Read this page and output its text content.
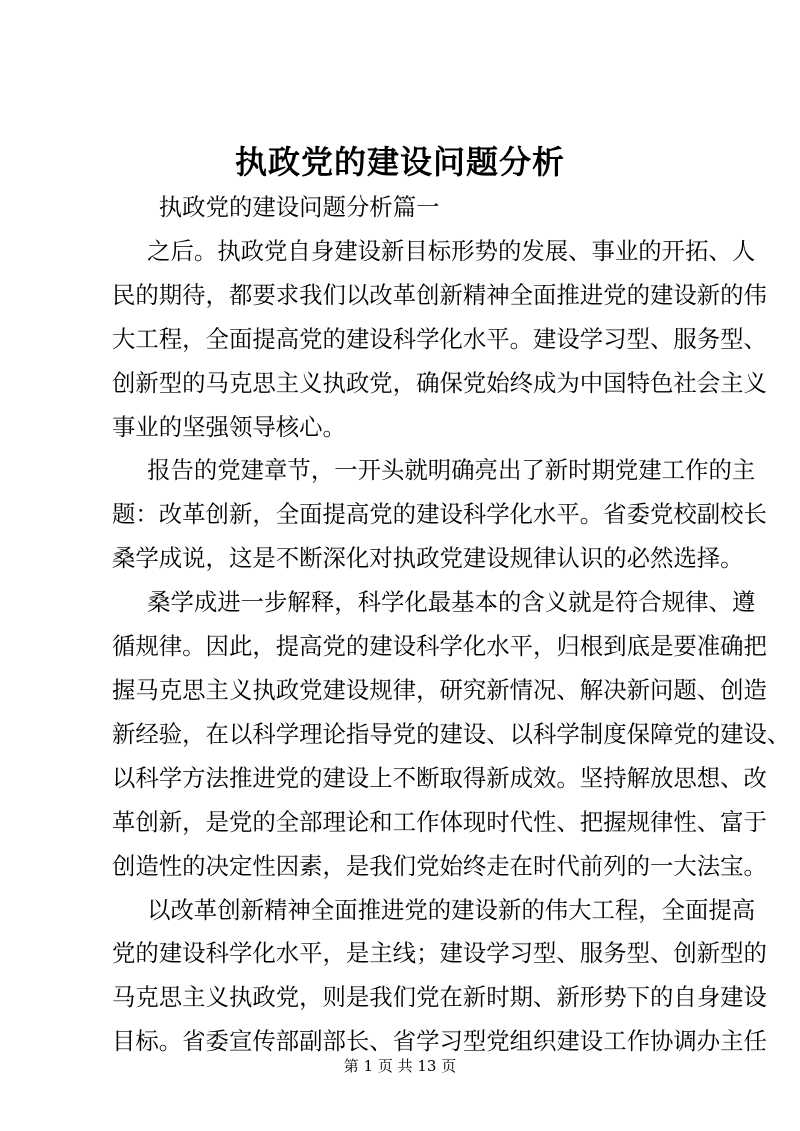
执政党的建设问题分析

执政党的建设问题分析篇一

之后。执政党自身建设新目标形势的发展、事业的开拓、人
民的期待，都要求我们以改革创新精神全面推进党的建设新的伟
大工程，全面提高党的建设科学化水平。建设学习型、服务型、
创新型的马克思主义执政党，确保党始终成为中国特色社会主义
事业的坚强领导核心。

报告的党建章节，一开头就明确亮出了新时期党建工作的主
题：改革创新，全面提高党的建设科学化水平。省委党校副校长
桑学成说，这是不断深化对执政党建设规律认识的必然选择。

桑学成进一步解释，科学化最基本的含义就是符合规律、遵
循规律。因此，提高党的建设科学化水平，归根到底是要准确把
握马克思主义执政党建设规律，研究新情况、解决新问题、创造
新经验，在以科学理论指导党的建设、以科学制度保障党的建设、
以科学方法推进党的建设上不断取得新成效。坚持解放思想、改
革创新，是党的全部理论和工作体现时代性、把握规律性、富于
创造性的决定性因素，是我们党始终走在时代前列的一大法宝。

以改革创新精神全面推进党的建设新的伟大工程，全面提高
党的建设科学化水平，是主线；建设学习型、服务型、创新型的
马克思主义执政党，则是我们党在新时期、新形势下的自身建设
目标。省委宣传部副部长、省学习型党组织建设工作协调办主任

第 1 页 共 13 页
